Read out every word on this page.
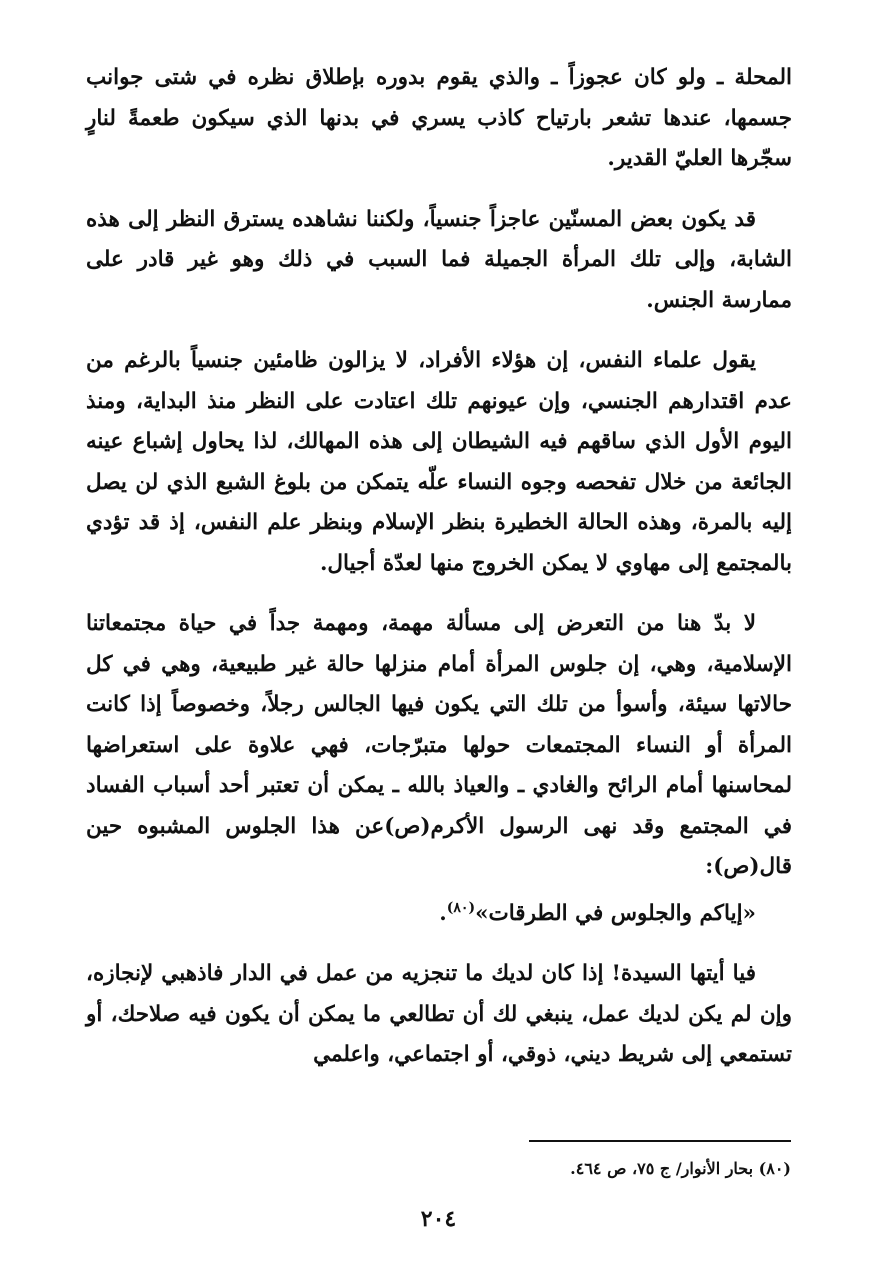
المحلة ـ ولو كان عجوزاً ـ والذي يقوم بدوره بإطلاق نظره في شتى جوانب جسمها، عندها تشعر بارتياح كاذب يسري في بدنها الذي سيكون طعمةً لنارٍ سجّرها العليّ القدير.

قد يكون بعض المسنّين عاجزاً جنسياً، ولكننا نشاهده يسترق النظر إلى هذه الشابة، وإلى تلك المرأة الجميلة فما السبب في ذلك وهو غير قادر على ممارسة الجنس.

يقول علماء النفس، إن هؤلاء الأفراد، لا يزالون ظامئين جنسياً بالرغم من عدم اقتدارهم الجنسي، وإن عيونهم تلك اعتادت على النظر منذ البداية، ومنذ اليوم الأول الذي ساقهم فيه الشيطان إلى هذه المهالك، لذا يحاول إشباع عينه الجائعة من خلال تفحصه وجوه النساء علّه يتمكن من بلوغ الشبع الذي لن يصل إليه بالمرة، وهذه الحالة الخطيرة بنظر الإسلام وبنظر علم النفس، إذ قد تؤدي بالمجتمع إلى مهاوي لا يمكن الخروج منها لعدّة أجيال.

لا بدّ هنا من التعرض إلى مسألة مهمة، ومهمة جداً في حياة مجتمعاتنا الإسلامية، وهي، إن جلوس المرأة أمام منزلها حالة غير طبيعية، وهي في كل حالاتها سيئة، وأسوأ من تلك التي يكون فيها الجالس رجلاً، وخصوصاً إذا كانت المرأة أو النساء المجتمعات حولها متبرّجات، فهي علاوة على استعراضها لمحاسنها أمام الرائح والغادي ـ والعياذ بالله ـ يمكن أن تعتبر أحد أسباب الفساد في المجتمع وقد نهى الرسول الأكرم(ص)عن هذا الجلوس المشبوه حين قال(ص):

«إياكم والجلوس في الطرقات»$^{(٨٠)}$.

فيا أيتها السيدة! إذا كان لديك ما تنجزيه من عمل في الدار فاذهبي لإنجازه، وإن لم يكن لديك عمل، ينبغي لك أن تطالعي ما يمكن أن يكون فيه صلاحك، أو تستمعي إلى شريط ديني، ذوقي، أو اجتماعي، واعلمي

(٨٠) بحار الأنوار/ ج ٧٥، ص ٤٦٤.
٢٠٤
